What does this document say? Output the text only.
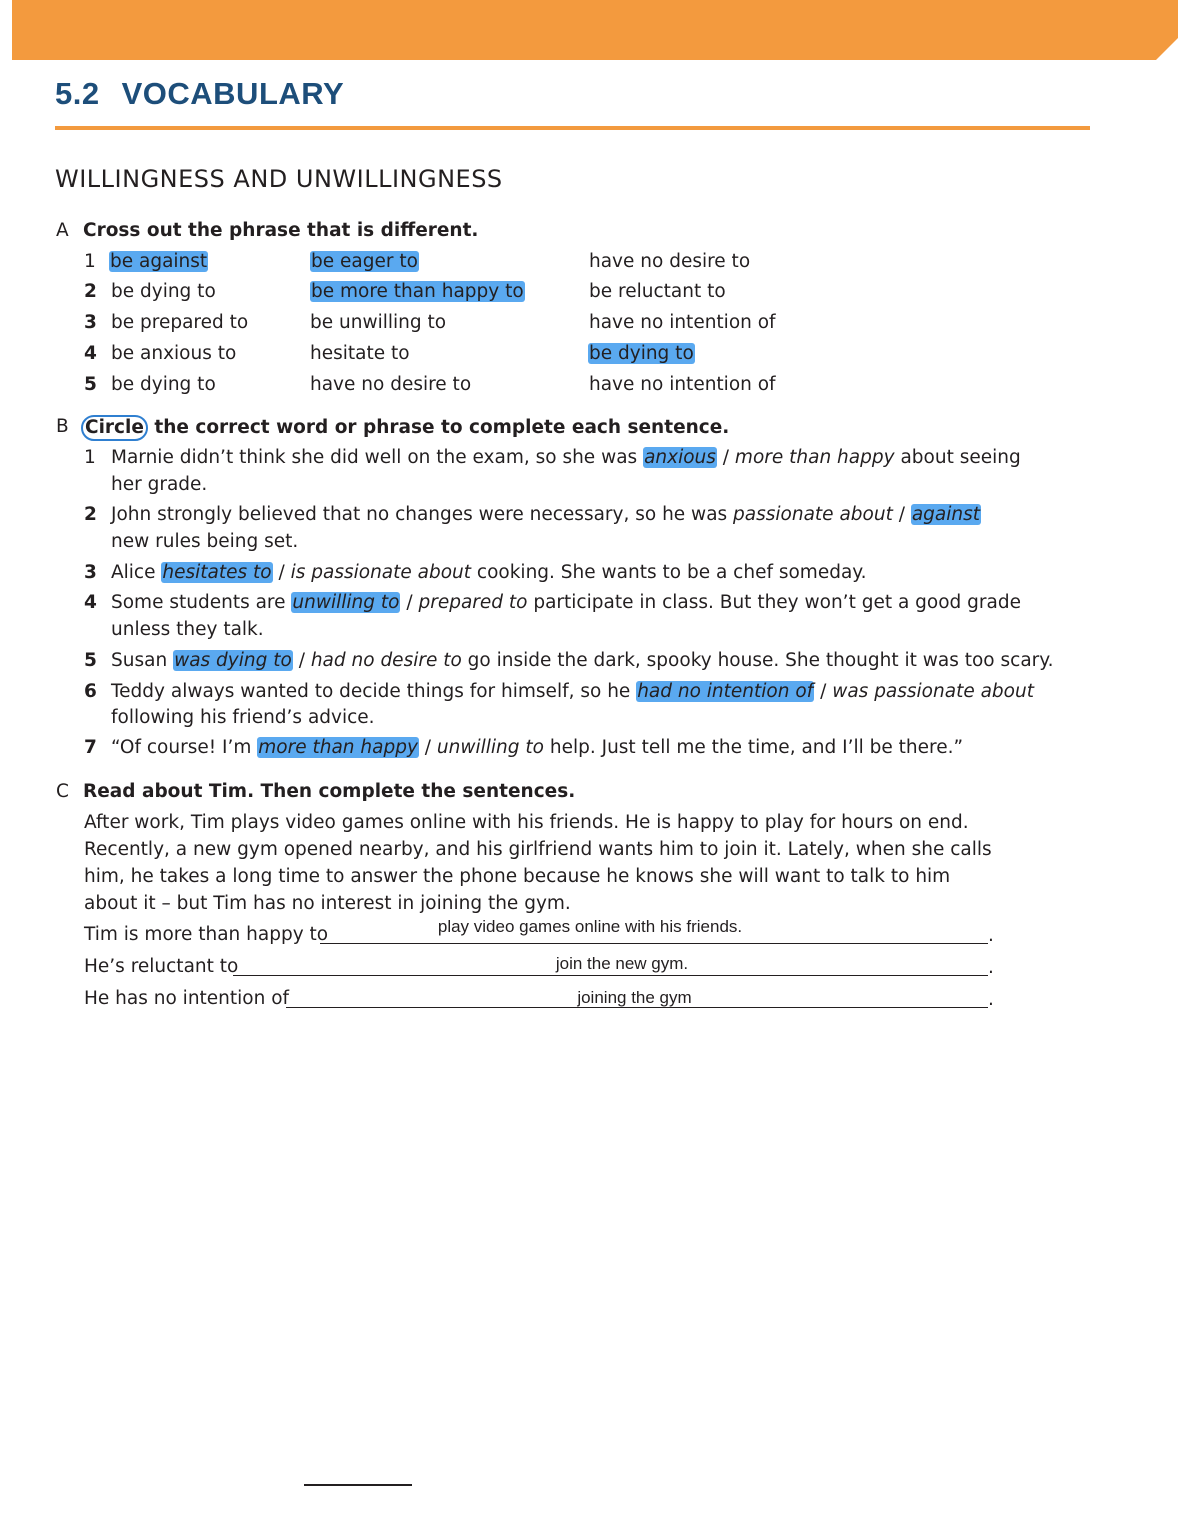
5.2 VOCABULARY
WILLINGNESS AND UNWILLINGNESS
A Cross out the phrase that is different.
1 be against	be eager to	have no desire to
2 be dying to	be more than happy to	be reluctant to
3 be prepared to	be unwilling to	have no intention of
4 be anxious to	hesitate to	be dying to
5 be dying to	have no desire to	have no intention of
B Circle the correct word or phrase to complete each sentence.
1 Marnie didn’t think she did well on the exam, so she was anxious / more than happy about seeing
her grade.
2 John strongly believed that no changes were necessary, so he was passionate about / against
new rules being set.
3 Alice hesitates to / is passionate about cooking. She wants to be a chef someday.
4 Some students are unwilling to / prepared to participate in class. But they won’t get a good grade
unless they talk.
5 Susan was dying to / had no desire to go inside the dark, spooky house. She thought it was too scary.
6 Teddy always wanted to decide things for himself, so he had no intention of / was passionate about
following his friend’s advice.
7 “Of course! I’m more than happy / unwilling to help. Just tell me the time, and I’ll be there.”
C Read about Tim. Then complete the sentences.
After work, Tim plays video games online with his friends. He is happy to play for hours on end.
Recently, a new gym opened nearby, and his girlfriend wants him to join it. Lately, when she calls
him, he takes a long time to answer the phone because he knows she will want to talk to him
about it – but Tim has no interest in joining the gym.
Tim is more than happy to	play video games online with his friends.	.
He’s reluctant to	join the new gym.	.
He has no intention of	joining the gym	.
